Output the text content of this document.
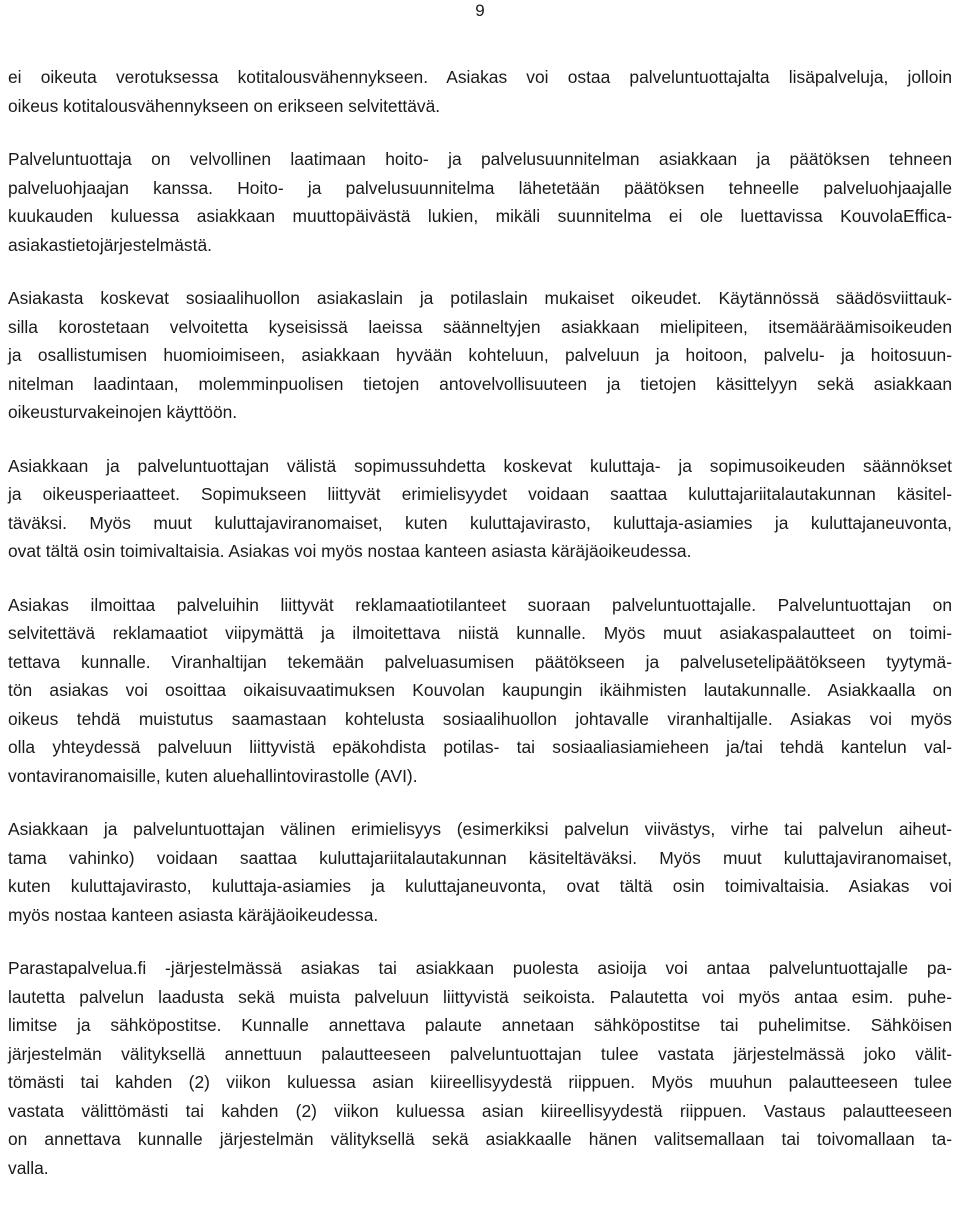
9
ei oikeuta verotuksessa kotitalousvähennykseen. Asiakas voi ostaa palveluntuottajalta lisäpalveluja, jolloin
oikeus kotitalousvähennykseen on erikseen selvitettävä.
Palveluntuottaja on velvollinen laatimaan hoito- ja palvelusuunnitelman asiakkaan ja päätöksen tehneen
palveluohjaajan kanssa. Hoito- ja palvelusuunnitelma lähetetään päätöksen tehneelle palveluohjaajalle
kuukauden kuluessa asiakkaan muuttopäivästä lukien, mikäli suunnitelma ei ole luettavissa KouvolaEffica-
asiakastietojärjestelmästä.
Asiakasta koskevat sosiaalihuollon asiakaslain ja potilaslain mukaiset oikeudet. Käytännössä säädösviittauk-
silla korostetaan velvoitetta kyseisissä laeissa säänneltyjen asiakkaan mielipiteen, itsemääräämisoikeuden
ja osallistumisen huomioimiseen, asiakkaan hyvään kohteluun, palveluun ja hoitoon, palvelu- ja hoitosuun-
nitelman laadintaan, molemminpuolisen tietojen antovelvollisuuteen ja tietojen käsittelyyn sekä asiakkaan
oikeusturvakeinojen käyttöön.
Asiakkaan ja palveluntuottajan välistä sopimussuhdetta koskevat kuluttaja- ja sopimusoikeuden säännökset
ja oikeusperiaatteet. Sopimukseen liittyvät erimielisyydet voidaan saattaa kuluttajariitalautakunnan käsitel-
täväksi. Myös muut kuluttajaviranomaiset, kuten kuluttajavirasto, kuluttaja-asiamies ja kuluttajaneuvonta,
ovat tältä osin toimivaltaisia. Asiakas voi myös nostaa kanteen asiasta käräjäoikeudessa.
Asiakas ilmoittaa palveluihin liittyvät reklamaatiotilanteet suoraan palveluntuottajalle. Palveluntuottajan on
selvitettävä reklamaatiot viipymättä ja ilmoitettava niistä kunnalle. Myös muut asiakaspalautteet on toimi-
tettava kunnalle. Viranhaltijan tekemään palveluasumisen päätökseen ja palvelusetelipäätökseen tyytymä-
tön asiakas voi osoittaa oikaisuvaatimuksen Kouvolan kaupungin ikäihmisten lautakunnalle. Asiakkaalla on
oikeus tehdä muistutus saamastaan kohtelusta sosiaalihuollon johtavalle viranhaltijalle. Asiakas voi myös
olla yhteydessä palveluun liittyvistä epäkohdista potilas- tai sosiaaliasiamieheen ja/tai tehdä kantelun val-
vontaviranomaisille, kuten aluehallintovirastolle (AVI).
Asiakkaan ja palveluntuottajan välinen erimielisyys (esimerkiksi palvelun viivästys, virhe tai palvelun aiheut-
tama vahinko) voidaan saattaa kuluttajariitalautakunnan käsiteltäväksi. Myös muut kuluttajaviranomaiset,
kuten kuluttajavirasto, kuluttaja-asiamies ja kuluttajaneuvonta, ovat tältä osin toimivaltaisia. Asiakas voi
myös nostaa kanteen asiasta käräjäoikeudessa.
Parastapalvelua.fi -järjestelmässä asiakas tai asiakkaan puolesta asioija voi antaa palveluntuottajalle pa-
lautetta palvelun laadusta sekä muista palveluun liittyvistä seikoista. Palautetta voi myös antaa esim. puhe-
limitse ja sähköpostitse. Kunnalle annettava palaute annetaan sähköpostitse tai puhelimitse. Sähköisen
järjestelmän välityksellä annettuun palautteeseen palveluntuottajan tulee vastata järjestelmässä joko välit-
tömästi tai kahden (2) viikon kuluessa asian kiireellisyydestä riippuen. Myös muuhun palautteeseen tulee
vastata välittömästi tai kahden (2) viikon kuluessa asian kiireellisyydestä riippuen. Vastaus palautteeseen
on annettava kunnalle järjestelmän välityksellä sekä asiakkaalle hänen valitsemallaan tai toivomallaan ta-
valla.
